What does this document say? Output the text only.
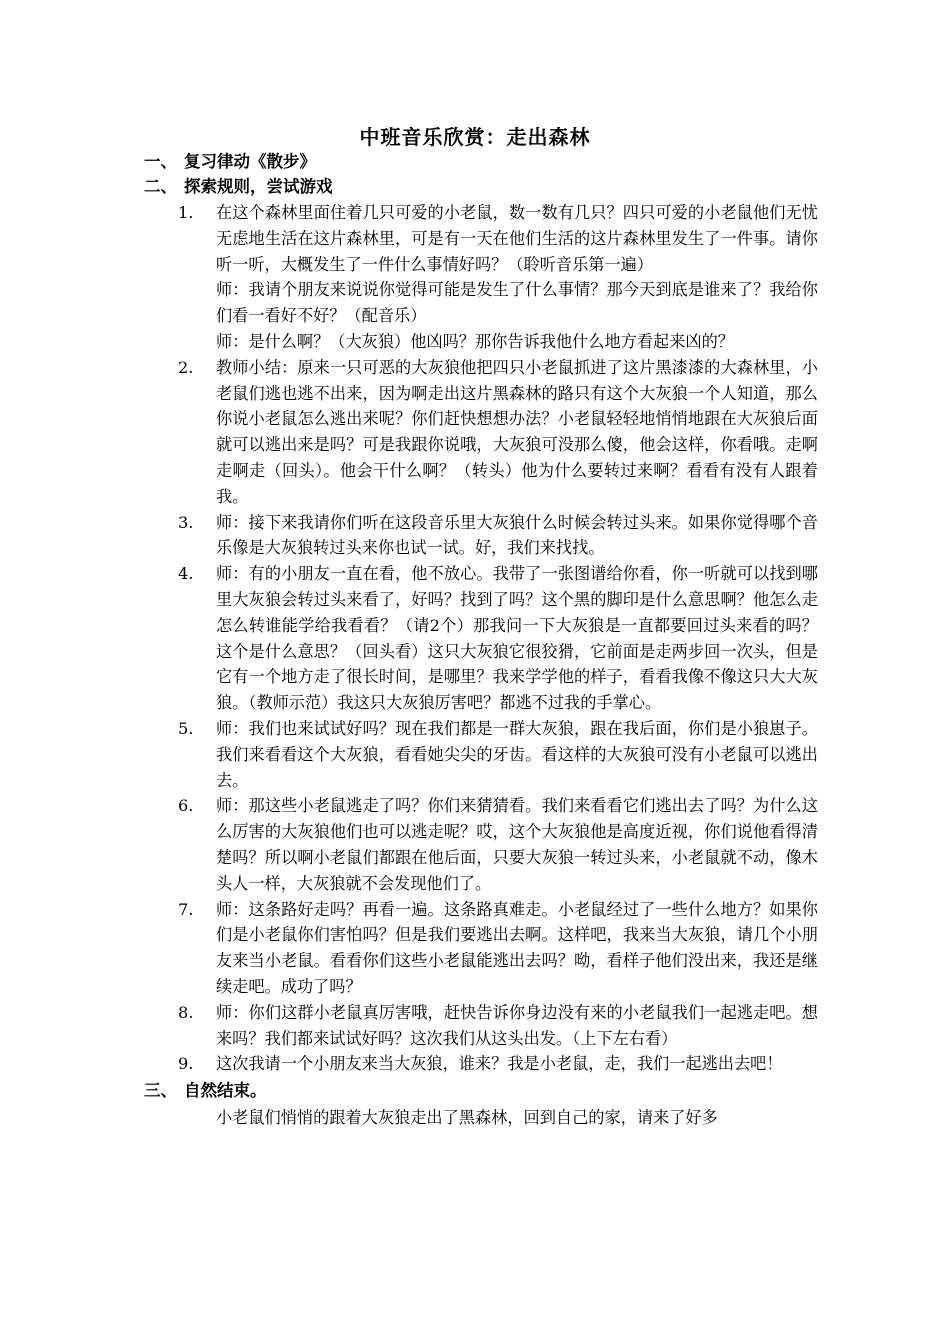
中班音乐欣赏：走出森林
一、 复习律动《散步》
二、 探索规则，尝试游戏
1.	在这个森林里面住着几只可爱的小老鼠，数一数有几只？四只可爱的小老鼠他们无忧无虑地生活在这片森林里，可是有一天在他们生活的这片森林里发生了一件事。请你听一听，大概发生了一件什么事情好吗？（聆听音乐第一遍）

师：我请个朋友来说说你觉得可能是发生了什么事情？那今天到底是谁来了？我给你们看一看好不好？（配音乐）

师：是什么啊？（大灰狼）他凶吗？那你告诉我他什么地方看起来凶的？

2.	教师小结：原来一只可恶的大灰狼他把四只小老鼠抓进了这片黑漆漆的大森林里，小老鼠们逃也逃不出来，因为啊走出这片黑森林的路只有这个大灰狼一个人知道，那么你说小老鼠怎么逃出来呢？你们赶快想想办法？小老鼠轻轻地悄悄地跟在大灰狼后面就可以逃出来是吗？可是我跟你说哦，大灰狼可没那么傻，他会这样，你看哦。走啊走啊走（回头）。他会干什么啊？（转头）他为什么要转过来啊？看看有没有人跟着我。

3.	师：接下来我请你们听在这段音乐里大灰狼什么时候会转过头来。如果你觉得哪个音乐像是大灰狼转过头来你也试一试。好，我们来找找。

4.	师：有的小朋友一直在看，他不放心。我带了一张图谱给你看，你一听就可以找到哪里大灰狼会转过头来看了，好吗？找到了吗？这个黑的脚印是什么意思啊？他怎么走怎么转谁能学给我看看？（请2个）那我问一下大灰狼是一直都要回过头来看的吗？这个是什么意思？（回头看）这只大灰狼它很狡猾，它前面是走两步回一次头，但是它有一个地方走了很长时间，是哪里？我来学学他的样子，看看我像不像这只大大灰狼。（教师示范）我这只大灰狼厉害吧？都逃不过我的手掌心。

5.	师：我们也来试试好吗？现在我们都是一群大灰狼，跟在我后面，你们是小狼崽子。我们来看看这个大灰狼，看看她尖尖的牙齿。看这样的大灰狼可没有小老鼠可以逃出去。

6.	师：那这些小老鼠逃走了吗？你们来猜猜看。我们来看看它们逃出去了吗？为什么这么厉害的大灰狼他们也可以逃走呢？哎，这个大灰狼他是高度近视，你们说他看得清楚吗？所以啊小老鼠们都跟在他后面，只要大灰狼一转过头来，小老鼠就不动，像木头人一样，大灰狼就不会发现他们了。

7.	师：这条路好走吗？再看一遍。这条路真难走。小老鼠经过了一些什么地方？如果你们是小老鼠你们害怕吗？但是我们要逃出去啊。这样吧，我来当大灰狼，请几个小朋友来当小老鼠。看看你们这些小老鼠能逃出去吗？呦，看样子他们没出来，我还是继续走吧。成功了吗？

8.	师：你们这群小老鼠真厉害哦，赶快告诉你身边没有来的小老鼠我们一起逃走吧。想来吗？我们都来试试好吗？这次我们从这头出发。（上下左右看）

9.	这次我请一个小朋友来当大灰狼，谁来？我是小老鼠，走，我们一起逃出去吧！

三、 自然结束。
小老鼠们悄悄的跟着大灰狼走出了黑森林，回到自己的家，请来了好多
